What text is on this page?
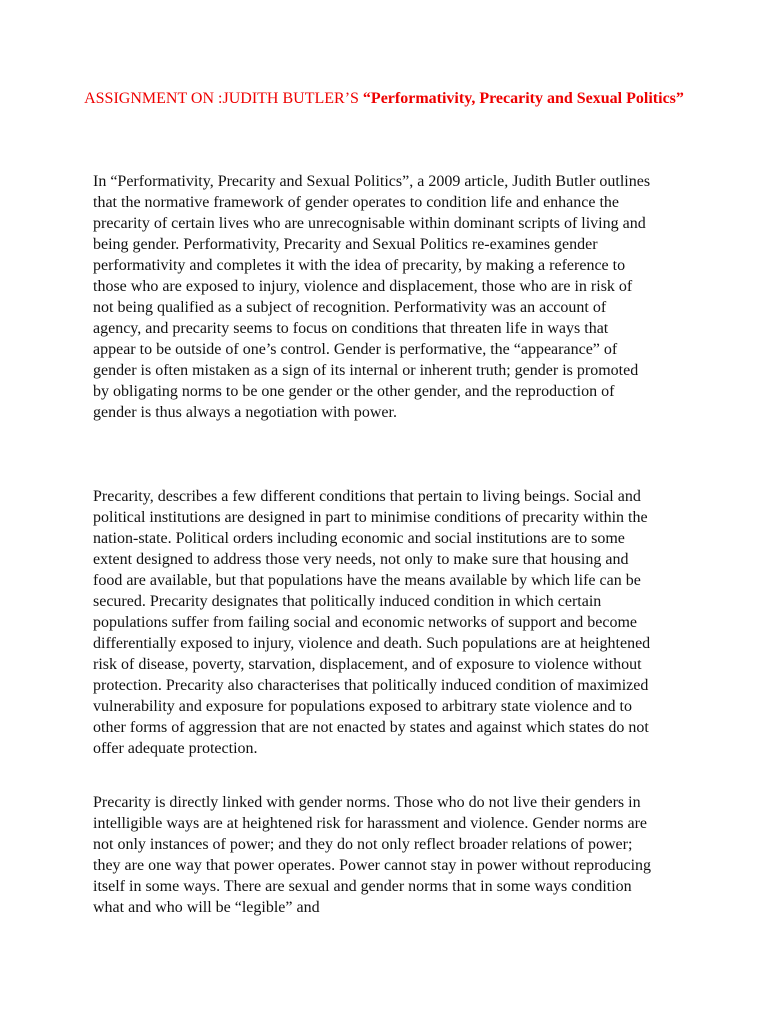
ASSIGNMENT ON :JUDITH BUTLER’S “Performativity, Precarity and Sexual Politics”

In “Performativity, Precarity and Sexual Politics”, a 2009 article, Judith Butler outlines that the normative framework of gender operates to condition life and enhance the precarity of certain lives who are unrecognisable within dominant scripts of living and being gender. Performativity, Precarity and Sexual Politics re-examines gender performativity and completes it with the idea of precarity, by making a reference to those who are exposed to injury, violence and displacement, those who are in risk of not being qualified as a subject of recognition. Performativity was an account of agency, and precarity seems to focus on conditions that threaten life in ways that appear to be outside of one’s control. Gender is performative, the “appearance” of gender is often mistaken as a sign of its internal or inherent truth; gender is promoted by obligating norms to be one gender or the other gender, and the reproduction of gender is thus always a negotiation with power.

Precarity, describes a few different conditions that pertain to living beings. Social and political institutions are designed in part to minimise conditions of precarity within the nation-state. Political orders including economic and social institutions are to some extent designed to address those very needs, not only to make sure that housing and food are available, but that populations have the means available by which life can be secured. Precarity designates that politically induced condition in which certain populations suffer from failing social and economic networks of support and become differentially exposed to injury, violence and death. Such populations are at heightened risk of disease, poverty, starvation, displacement, and of exposure to violence without protection. Precarity also characterises that politically induced condition of maximized vulnerability and exposure for populations exposed to arbitrary state violence and to other forms of aggression that are not enacted by states and against which states do not offer adequate protection.

Precarity is directly linked with gender norms. Those who do not live their genders in intelligible ways are at heightened risk for harassment and violence. Gender norms are not only instances of power; and they do not only reflect broader relations of power; they are one way that power operates. Power cannot stay in power without reproducing itself in some ways. There are sexual and gender norms that in some ways condition what and who will be “legible” and
